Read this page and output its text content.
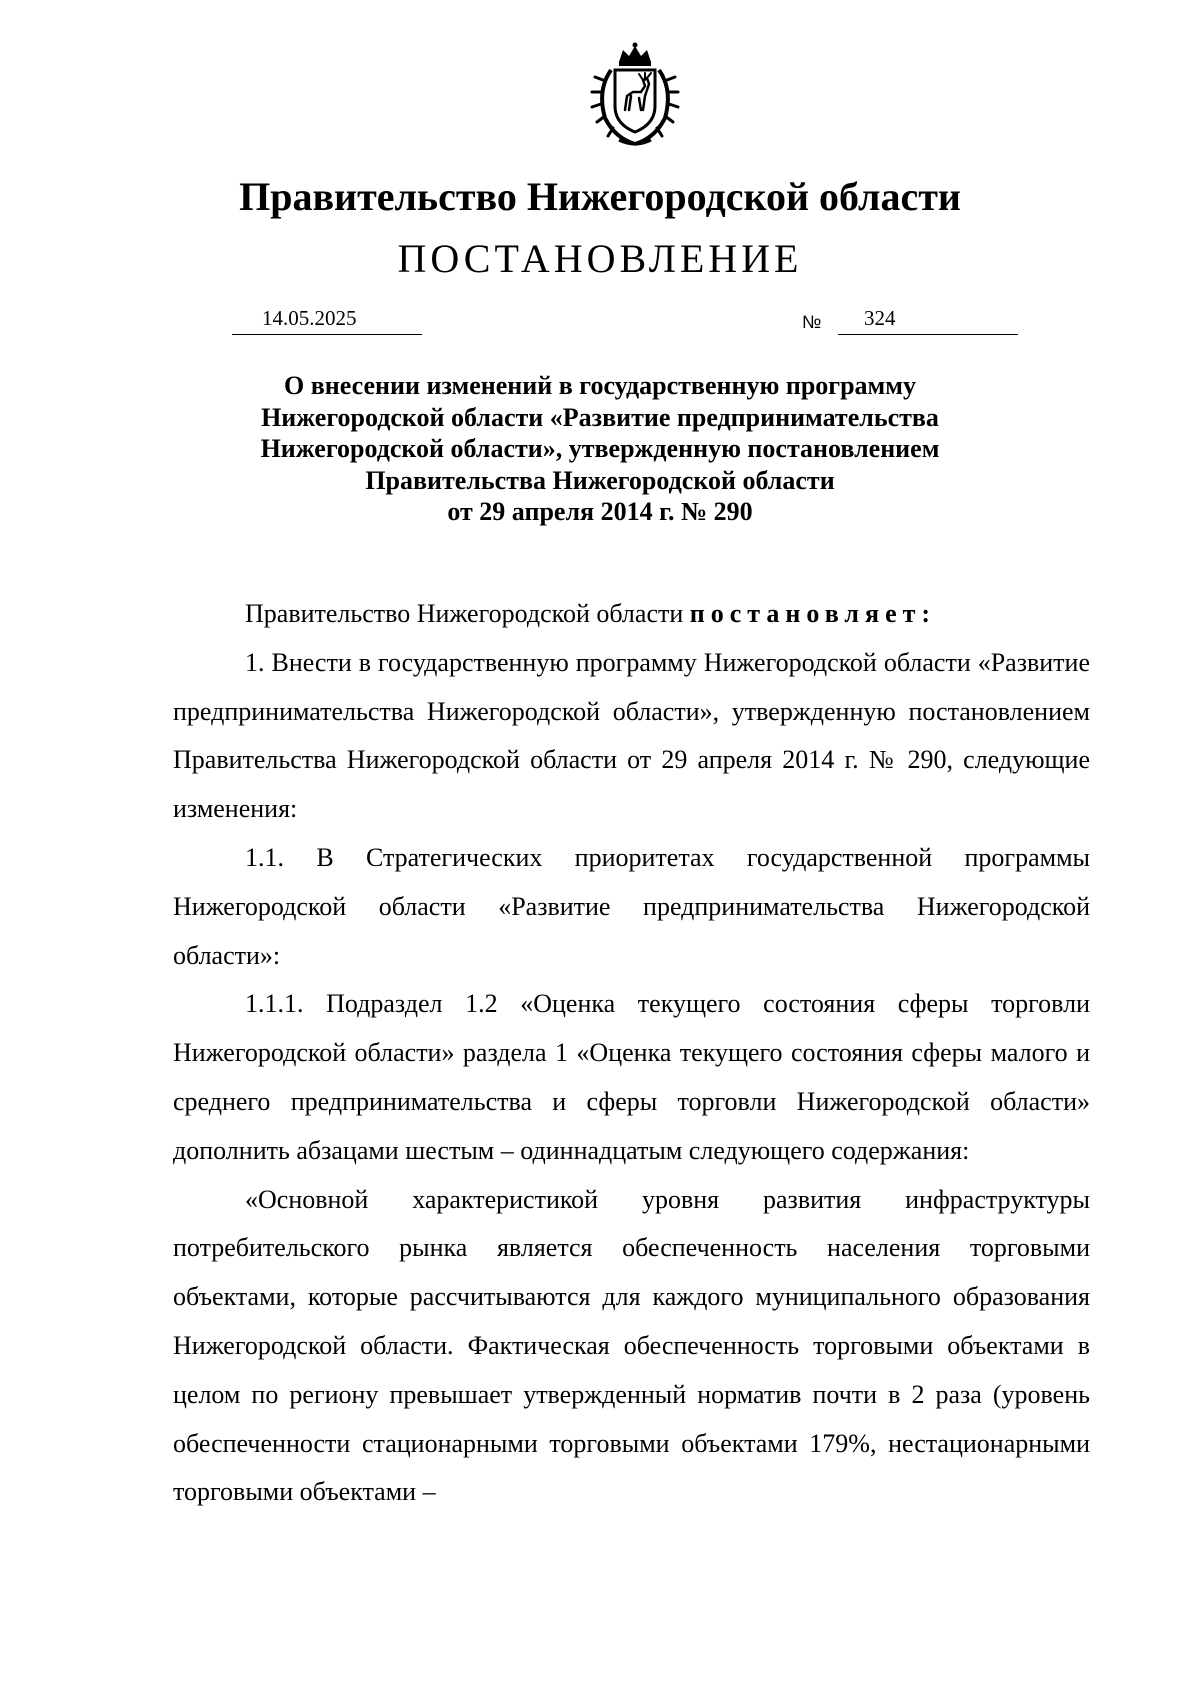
Правительство Нижегородской области
ПОСТАНОВЛЕНИЕ
14.05.2025	№ 324
О внесении изменений в государственную программу
Нижегородской области «Развитие предпринимательства
Нижегородской области», утвержденную постановлением
Правительства Нижегородской области
от 29 апреля 2014 г. № 290

Правительство Нижегородской области постановляет:

1. Внести в государственную программу Нижегородской области «Развитие предпринимательства Нижегородской области», утвержденную постановлением Правительства Нижегородской области от 29 апреля 2014 г. № 290, следующие изменения:

1.1. В Стратегических приоритетах государственной программы Нижегородской области «Развитие предпринимательства Нижегородской области»:

1.1.1. Подраздел 1.2 «Оценка текущего состояния сферы торговли Нижегородской области» раздела 1 «Оценка текущего состояния сферы малого и среднего предпринимательства и сферы торговли Нижегородской области» дополнить абзацами шестым – одиннадцатым следующего содержания:

«Основной характеристикой уровня развития инфраструктуры потребительского рынка является обеспеченность населения торговыми объектами, которые рассчитываются для каждого муниципального образования Нижегородской области. Фактическая обеспеченность торговыми объектами в целом по региону превышает утвержденный норматив почти в 2 раза (уровень обеспеченности стационарными торговыми объектами 179%, нестационарными торговыми объектами –
